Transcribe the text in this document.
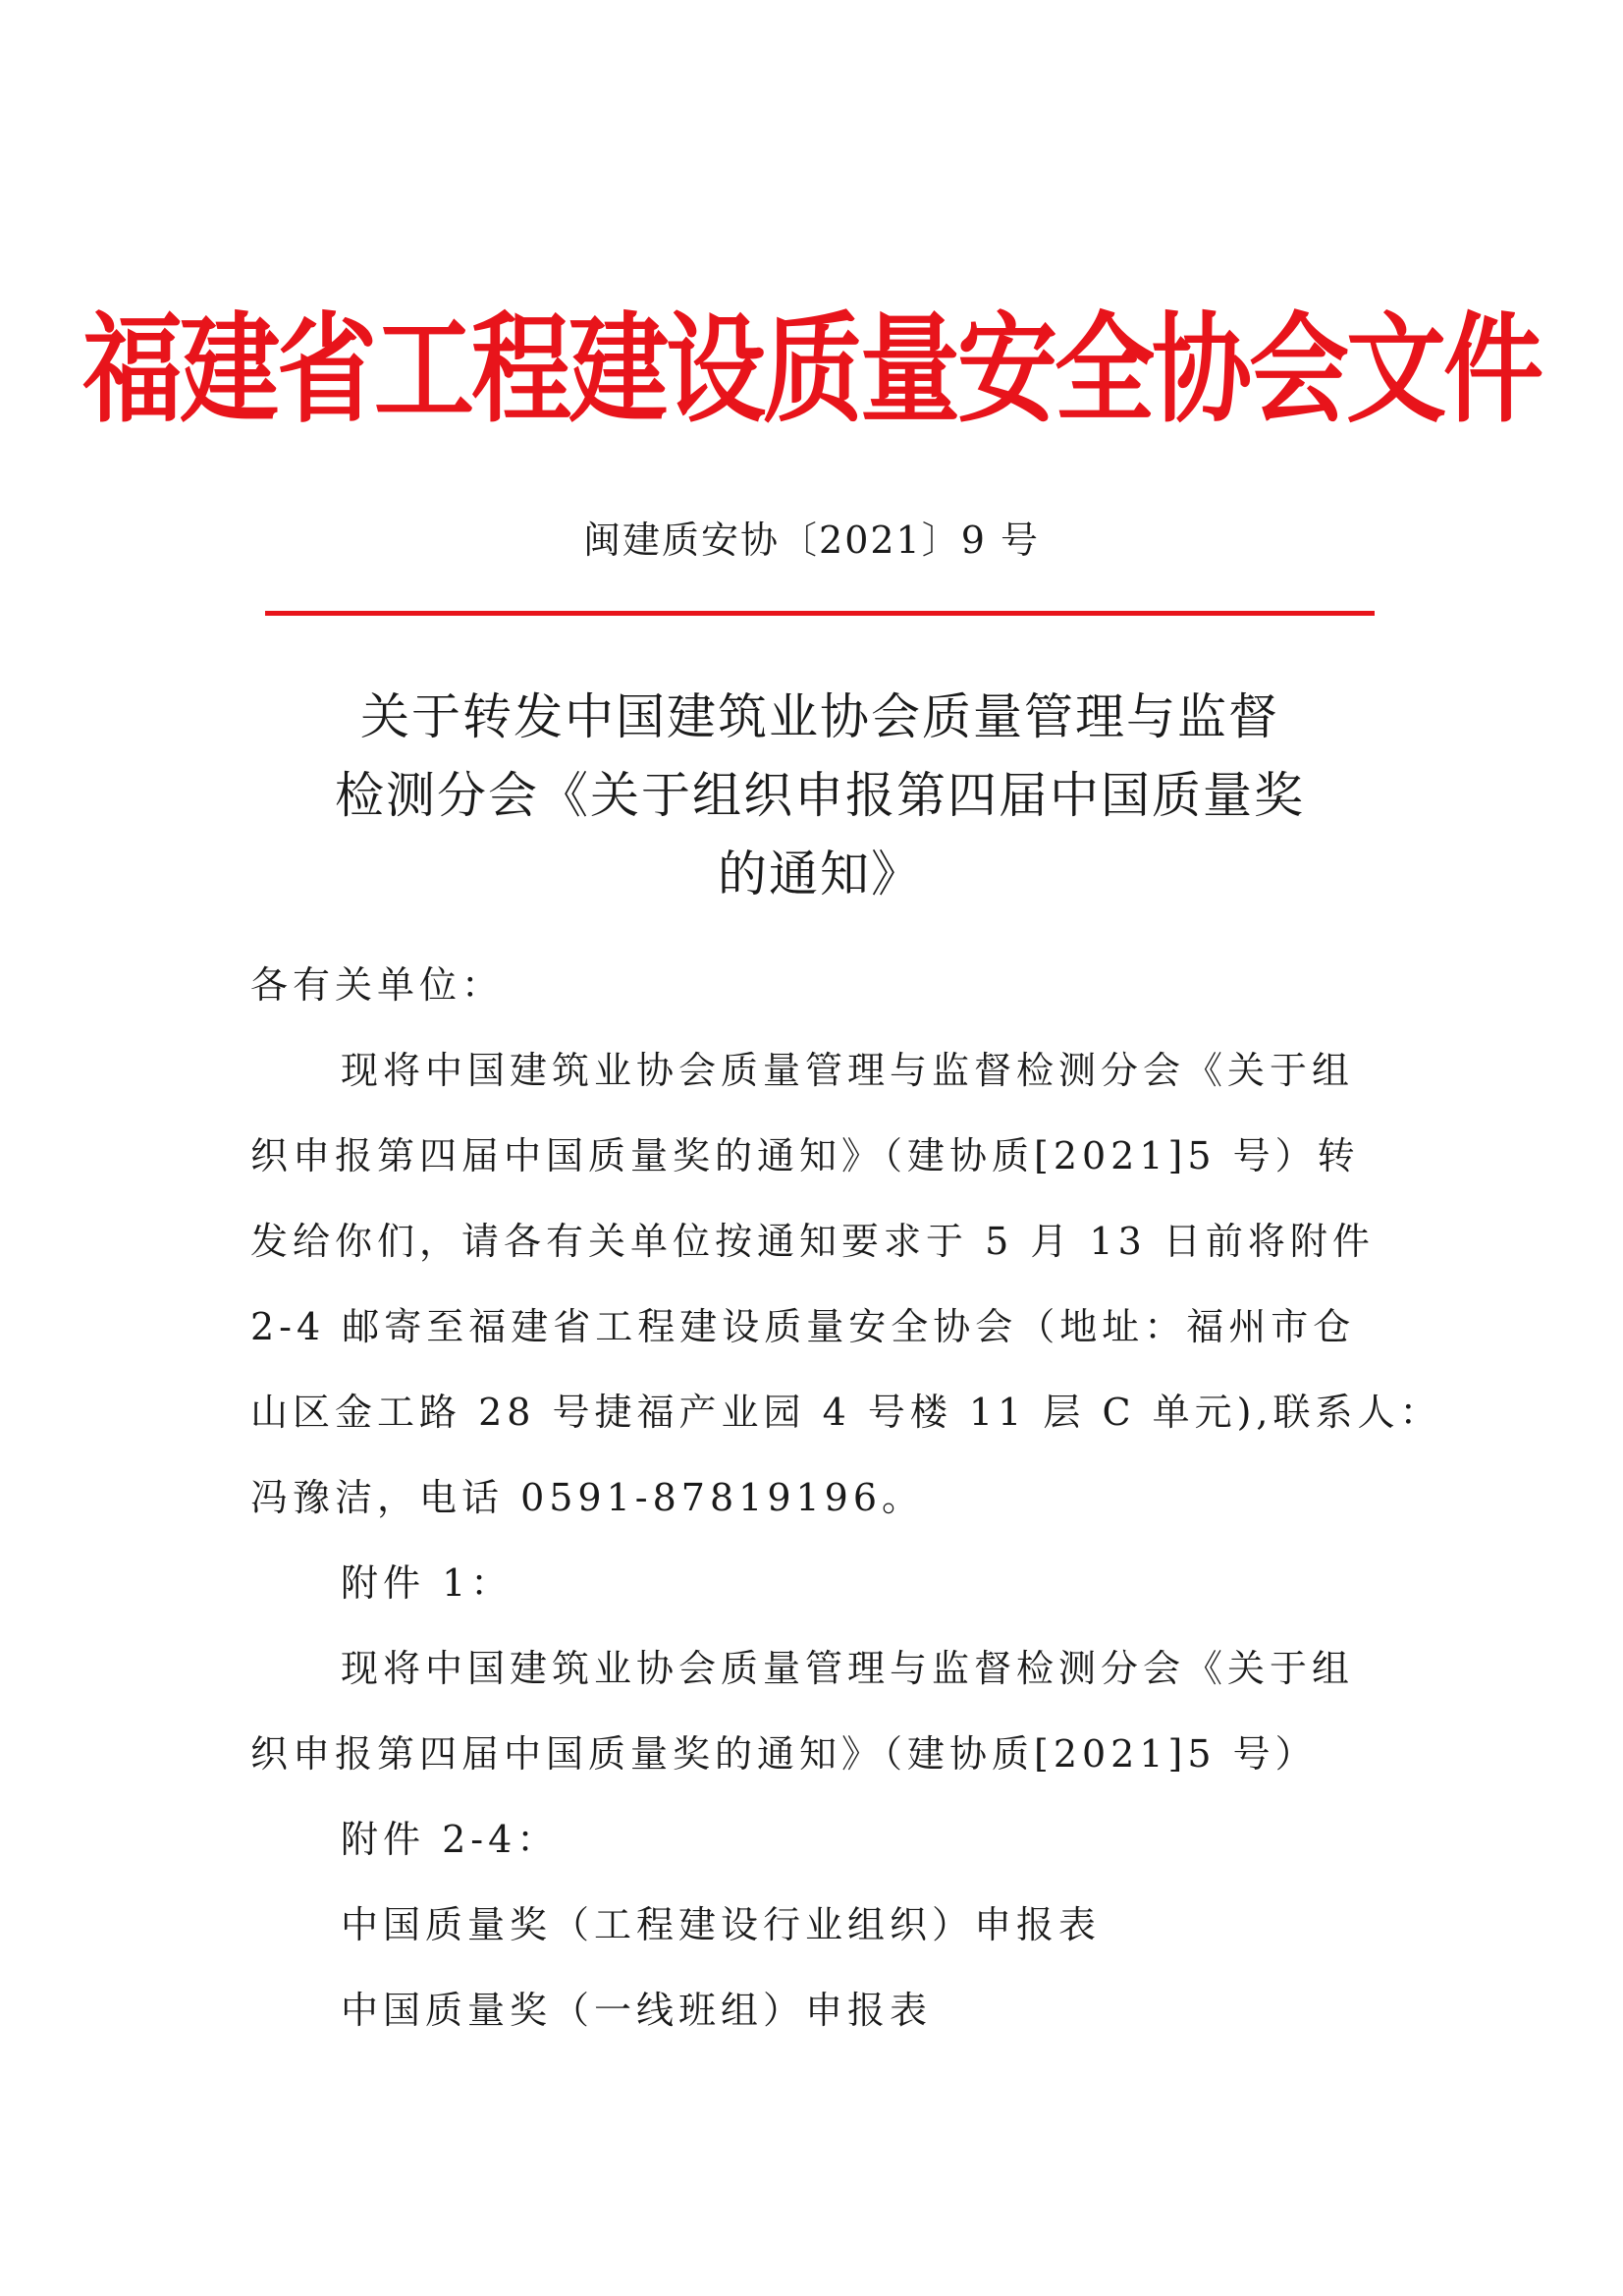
福建省工程建设质量安全协会文件
闽建质安协〔2021〕9 号
关于转发中国建筑业协会质量管理与监督
检测分会《关于组织申报第四届中国质量奖
的通知》

各有关单位：

现将中国建筑业协会质量管理与监督检测分会《关于组

织申报第四届中国质量奖的通知》（建协质[2021]5 号）转

发给你们，请各有关单位按通知要求于 5 月 13 日前将附件

2-4 邮寄至福建省工程建设质量安全协会（地址：福州市仓

山区金工路 28 号捷福产业园 4 号楼 11 层 C 单元),联系人：

冯豫洁，电话 0591-87819196。

附件 1：

现将中国建筑业协会质量管理与监督检测分会《关于组

织申报第四届中国质量奖的通知》（建协质[2021]5 号）

附件 2-4：

中国质量奖（工程建设行业组织）申报表

中国质量奖（一线班组）申报表
